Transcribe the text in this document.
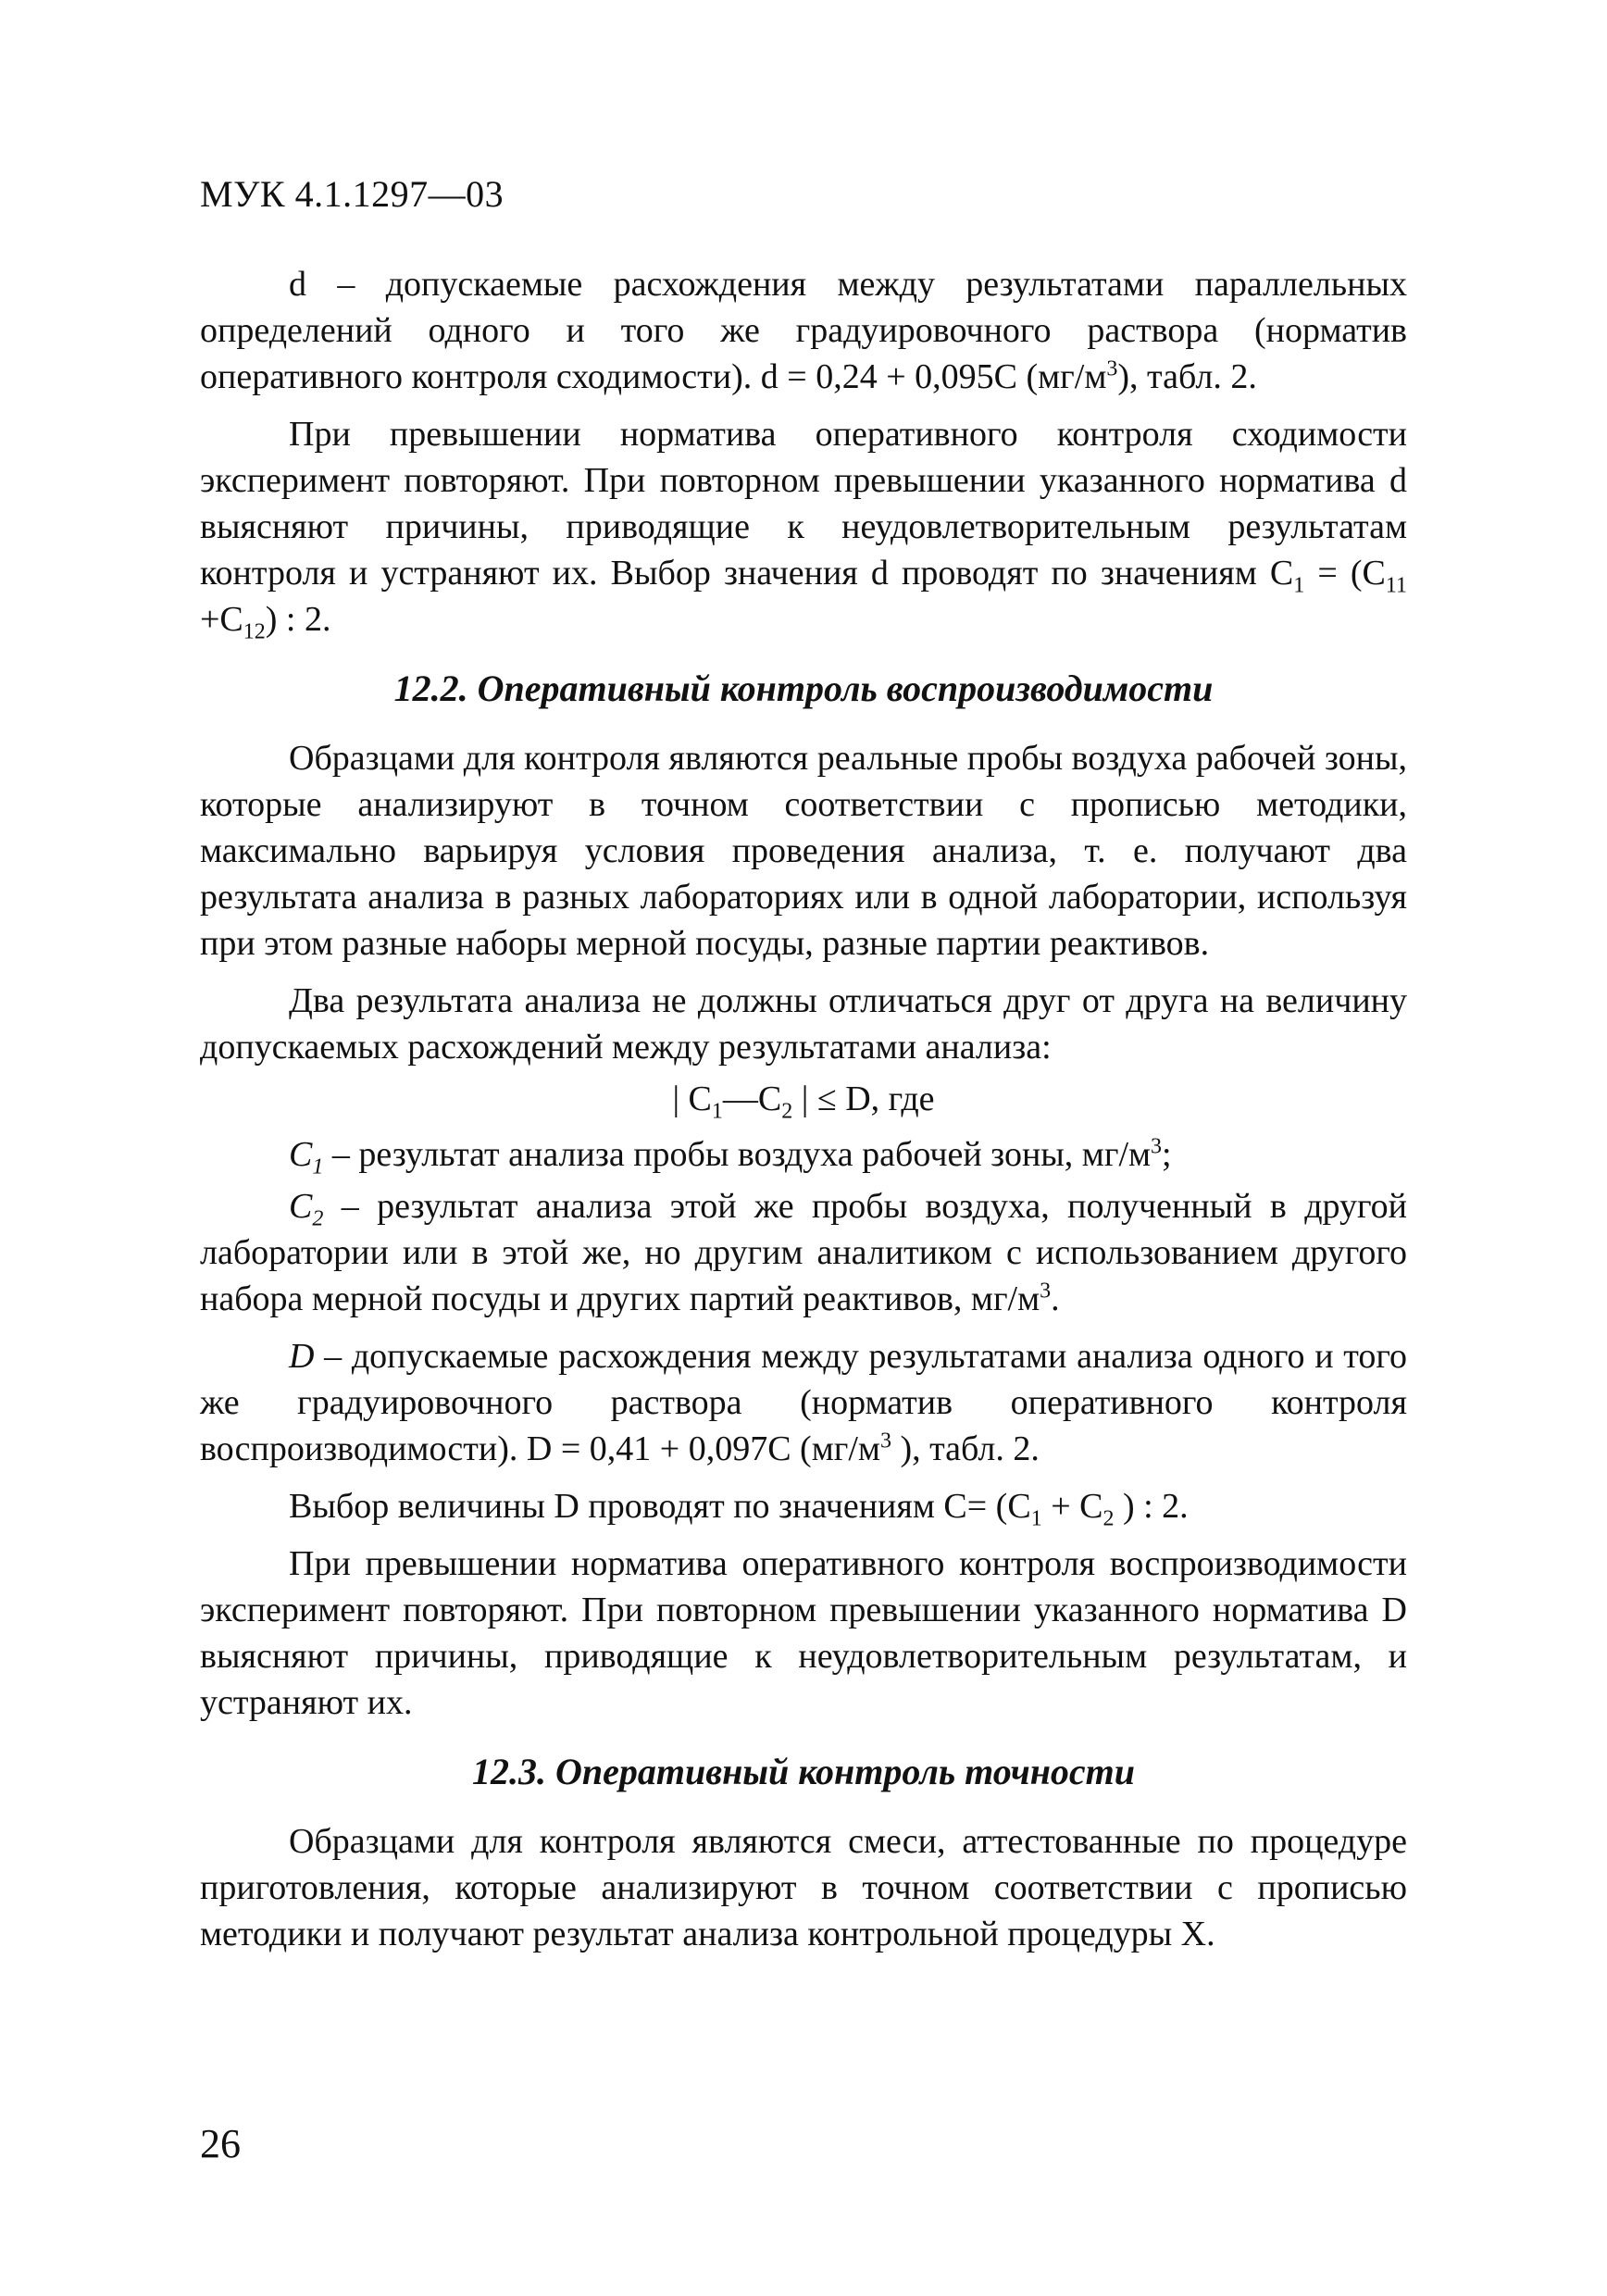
МУК 4.1.1297—03

d – допускаемые расхождения между результатами параллельных определений одного и того же градуировочного раствора (норматив оперативного контроля сходимости). d = 0,24 + 0,095С $(мг/м^3)$, табл. 2.

При превышении норматива оперативного контроля сходимости эксперимент повторяют. При повторном превышении указанного норматива d выясняют причины, приводящие к неудовлетворительным результатам контроля и устраняют их. Выбор значения d проводят по значениям $С_1 = (С_{11} +С_{12})$ : 2.

12.2. Оперативный контроль воспроизводимости

Образцами для контроля являются реальные пробы воздуха рабочей зоны, которые анализируют в точном соответствии с прописью методики, максимально варьируя условия проведения анализа, т. е. получают два результата анализа в разных лабораториях или в одной лаборатории, используя при этом разные наборы мерной посуды, разные партии реактивов.

Два результата анализа не должны отличаться друг от друга на величину допускаемых расхождений между результатами анализа:

| $С_1—С_2$ | ≤ D, где

$С_1$ – результат анализа пробы воздуха рабочей зоны, $мг/м^3$;

$С_2$ – результат анализа этой же пробы воздуха, полученный в другой лаборатории или в этой же, но другим аналитиком с использованием другого набора мерной посуды и других партий реактивов, $мг/м^3$.

D – допускаемые расхождения между результатами анализа одного и того же градуировочного раствора (норматив оперативного контроля воспроизводимости). D = 0,41 + 0,097С ($мг/м^3$ ), табл. 2.

Выбор величины D проводят по значениям $С= (С_1 + С_2$ ) : 2.

При превышении норматива оперативного контроля воспроизводимости эксперимент повторяют. При повторном превышении указанного норматива D выясняют причины, приводящие к неудовлетворительным результатам, и устраняют их.

12.3. Оперативный контроль точности

Образцами для контроля являются смеси, аттестованные по процедуре приготовления, которые анализируют в точном соответствии с прописью методики и получают результат анализа контрольной процедуры Х.

26
